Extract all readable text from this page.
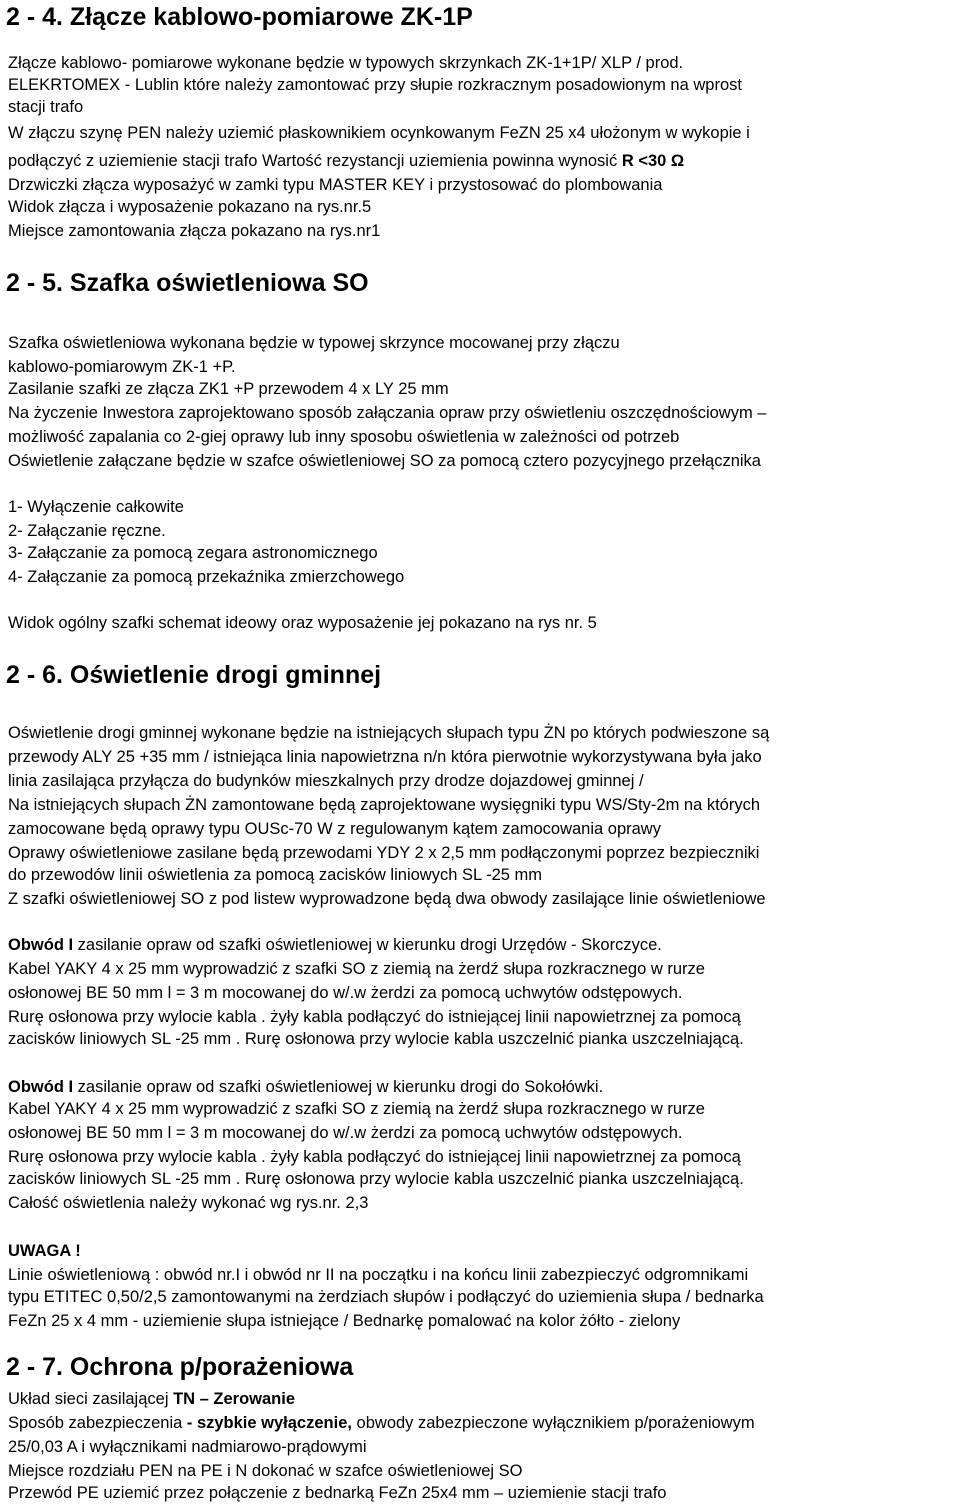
2 - 4. Złącze kablowo-pomiarowe ZK-1P
Złącze kablowo- pomiarowe wykonane będzie w typowych skrzynkach ZK-1+1P/ XLP / prod.
ELEKRTOMEX - Lublin które należy zamontować przy słupie rozkracznym posadowionym na wprost
stacji trafo
W złączu szynę PEN należy uziemić płaskownikiem ocynkowanym FeZN 25 x4 ułożonym w wykopie i
podłączyć z uziemienie stacji trafo Wartość rezystancji uziemienia powinna wynosić R <30 Ω
Drzwiczki złącza wyposażyć w zamki typu MASTER KEY i przystosować do plombowania
Widok złącza i wyposażenie pokazano na rys.nr.5
Miejsce zamontowania złącza pokazano na rys.nr1
2 - 5. Szafka oświetleniowa SO
Szafka oświetleniowa wykonana będzie w typowej skrzynce mocowanej przy złączu
kablowo-pomiarowym ZK-1 +P.
Zasilanie szafki ze złącza ZK1 +P przewodem 4 x LY 25 mm
Na życzenie Inwestora zaprojektowano sposób załączania opraw przy oświetleniu oszczędnościowym –
możliwość zapalania co 2-giej oprawy lub inny sposobu oświetlenia w zależności od potrzeb
Oświetlenie załączane będzie w szafce oświetleniowej SO za pomocą cztero pozycyjnego przełącznika
1- Wyłączenie całkowite
2- Załączanie ręczne.
3- Załączanie za pomocą zegara astronomicznego
4- Załączanie za pomocą przekaźnika zmierzchowego
Widok ogólny szafki schemat ideowy oraz wyposażenie jej pokazano na rys nr. 5
2 - 6. Oświetlenie drogi gminnej
Oświetlenie drogi gminnej wykonane będzie na istniejących słupach typu ŻN po których podwieszone są
przewody ALY 25 +35 mm / istniejąca linia napowietrzna n/n która pierwotnie wykorzystywana była jako
linia zasilająca przyłącza do budynków mieszkalnych przy drodze dojazdowej gminnej /
Na istniejących słupach ŻN zamontowane będą zaprojektowane wysięgniki typu WS/Sty-2m na których
zamocowane będą oprawy typu OUSc-70 W z regulowanym kątem zamocowania oprawy
Oprawy oświetleniowe zasilane będą przewodami YDY 2 x 2,5 mm podłączonymi poprzez bezpieczniki
do przewodów linii oświetlenia za pomocą zacisków liniowych SL -25 mm
Z szafki oświetleniowej SO z pod listew wyprowadzone będą dwa obwody zasilające linie oświetleniowe
Obwód I zasilanie opraw od szafki oświetleniowej w kierunku drogi Urzędów - Skorczyce.
Kabel YAKY 4 x 25 mm wyprowadzić z szafki SO z ziemią na żerdź słupa rozkracznego w rurze
osłonowej BE 50 mm l = 3 m mocowanej do w/.w żerdzi za pomocą uchwytów odstępowych.
Rurę osłonowa przy wylocie kabla . żyły kabla podłączyć do istniejącej linii napowietrznej za pomocą
zacisków liniowych SL -25 mm . Rurę osłonowa przy wylocie kabla uszczelnić pianka uszczelniającą.
Obwód I zasilanie opraw od szafki oświetleniowej w kierunku drogi do Sokołówki.
Kabel YAKY 4 x 25 mm wyprowadzić z szafki SO z ziemią na żerdź słupa rozkracznego w rurze
osłonowej BE 50 mm l = 3 m mocowanej do w/.w żerdzi za pomocą uchwytów odstępowych.
Rurę osłonowa przy wylocie kabla . żyły kabla podłączyć do istniejącej linii napowietrznej za pomocą
zacisków liniowych SL -25 mm . Rurę osłonowa przy wylocie kabla uszczelnić pianka uszczelniającą.
Całość oświetlenia należy wykonać wg rys.nr. 2,3
UWAGA !
Linie oświetleniową : obwód nr.I i obwód nr II na początku i na końcu linii zabezpieczyć odgromnikami
typu ETITEC 0,50/2,5 zamontowanymi na żerdziach słupów i podłączyć do uziemienia słupa / bednarka
FeZn 25 x 4 mm - uziemienie słupa istniejące / Bednarkę pomalować na kolor żółto - zielony
2 - 7. Ochrona p/porażeniowa
Układ sieci zasilającej TN – Zerowanie
Sposób zabezpieczenia - szybkie wyłączenie, obwody zabezpieczone wyłącznikiem p/porażeniowym
25/0,03 A i wyłącznikami nadmiarowo-prądowymi
Miejsce rozdziału PEN na PE i N dokonać w szafce oświetleniowej SO
Przewód PE uziemić przez połączenie z bednarką FeZn 25x4 mm – uziemienie stacji trafo
